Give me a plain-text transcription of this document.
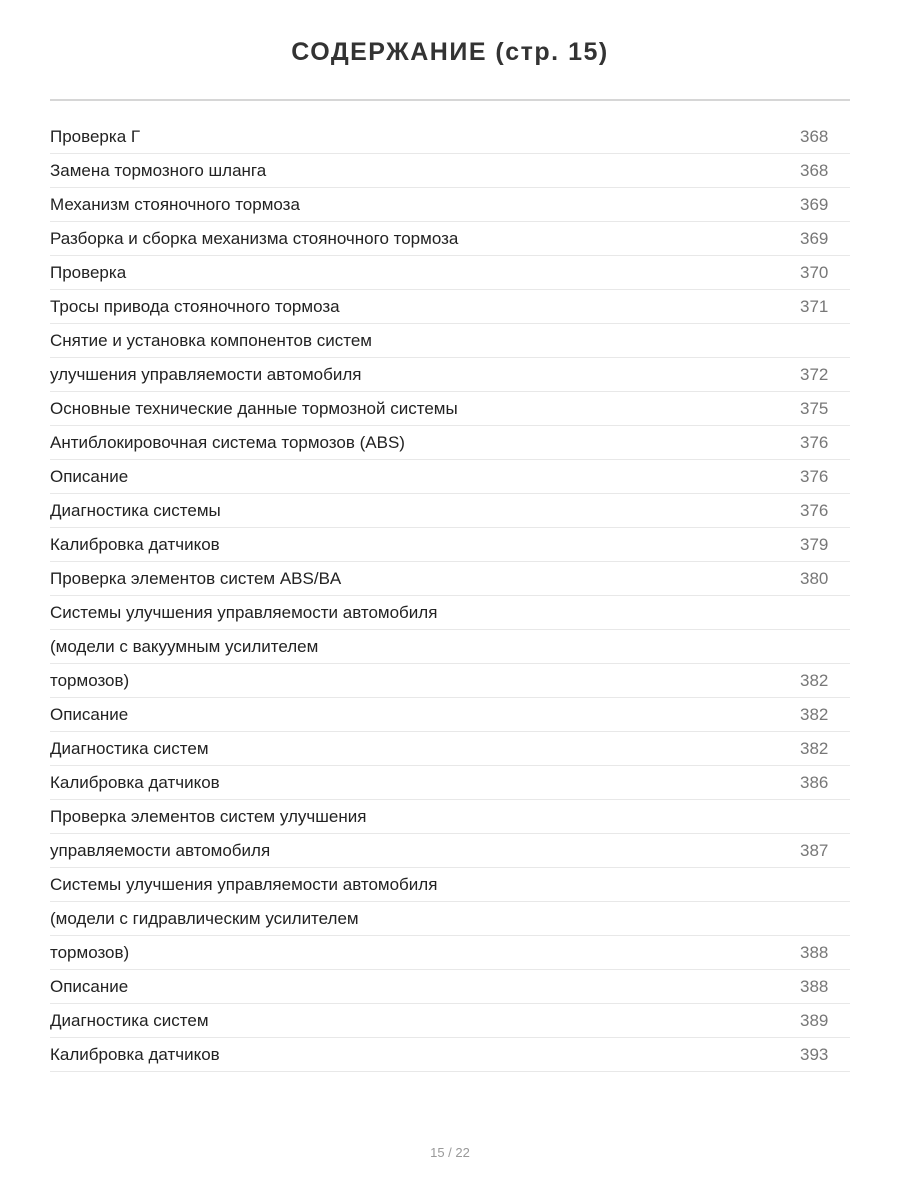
СОДЕРЖАНИЕ (стр. 15)
Проверка Г	368
Замена тормозного шланга	368
Механизм стояночного тормоза	369
Разборка и сборка механизма стояночного тормоза	369
Проверка	370
Тросы привода стояночного тормоза	371
Снятие и установка компонентов систем
улучшения управляемости автомобиля	372
Основные технические данные тормозной системы	375
Антиблокировочная система тормозов (ABS)	376
Описание	376
Диагностика системы	376
Калибровка датчиков	379
Проверка элементов систем ABS/BA	380
Системы улучшения управляемости автомобиля
(модели с вакуумным усилителем
тормозов)	382
Описание	382
Диагностика систем	382
Калибровка датчиков	386
Проверка элементов систем улучшения
управляемости автомобиля	387
Системы улучшения управляемости автомобиля
(модели с гидравлическим усилителем
тормозов)	388
Описание	388
Диагностика систем	389
Калибровка датчиков	393
15 / 22
